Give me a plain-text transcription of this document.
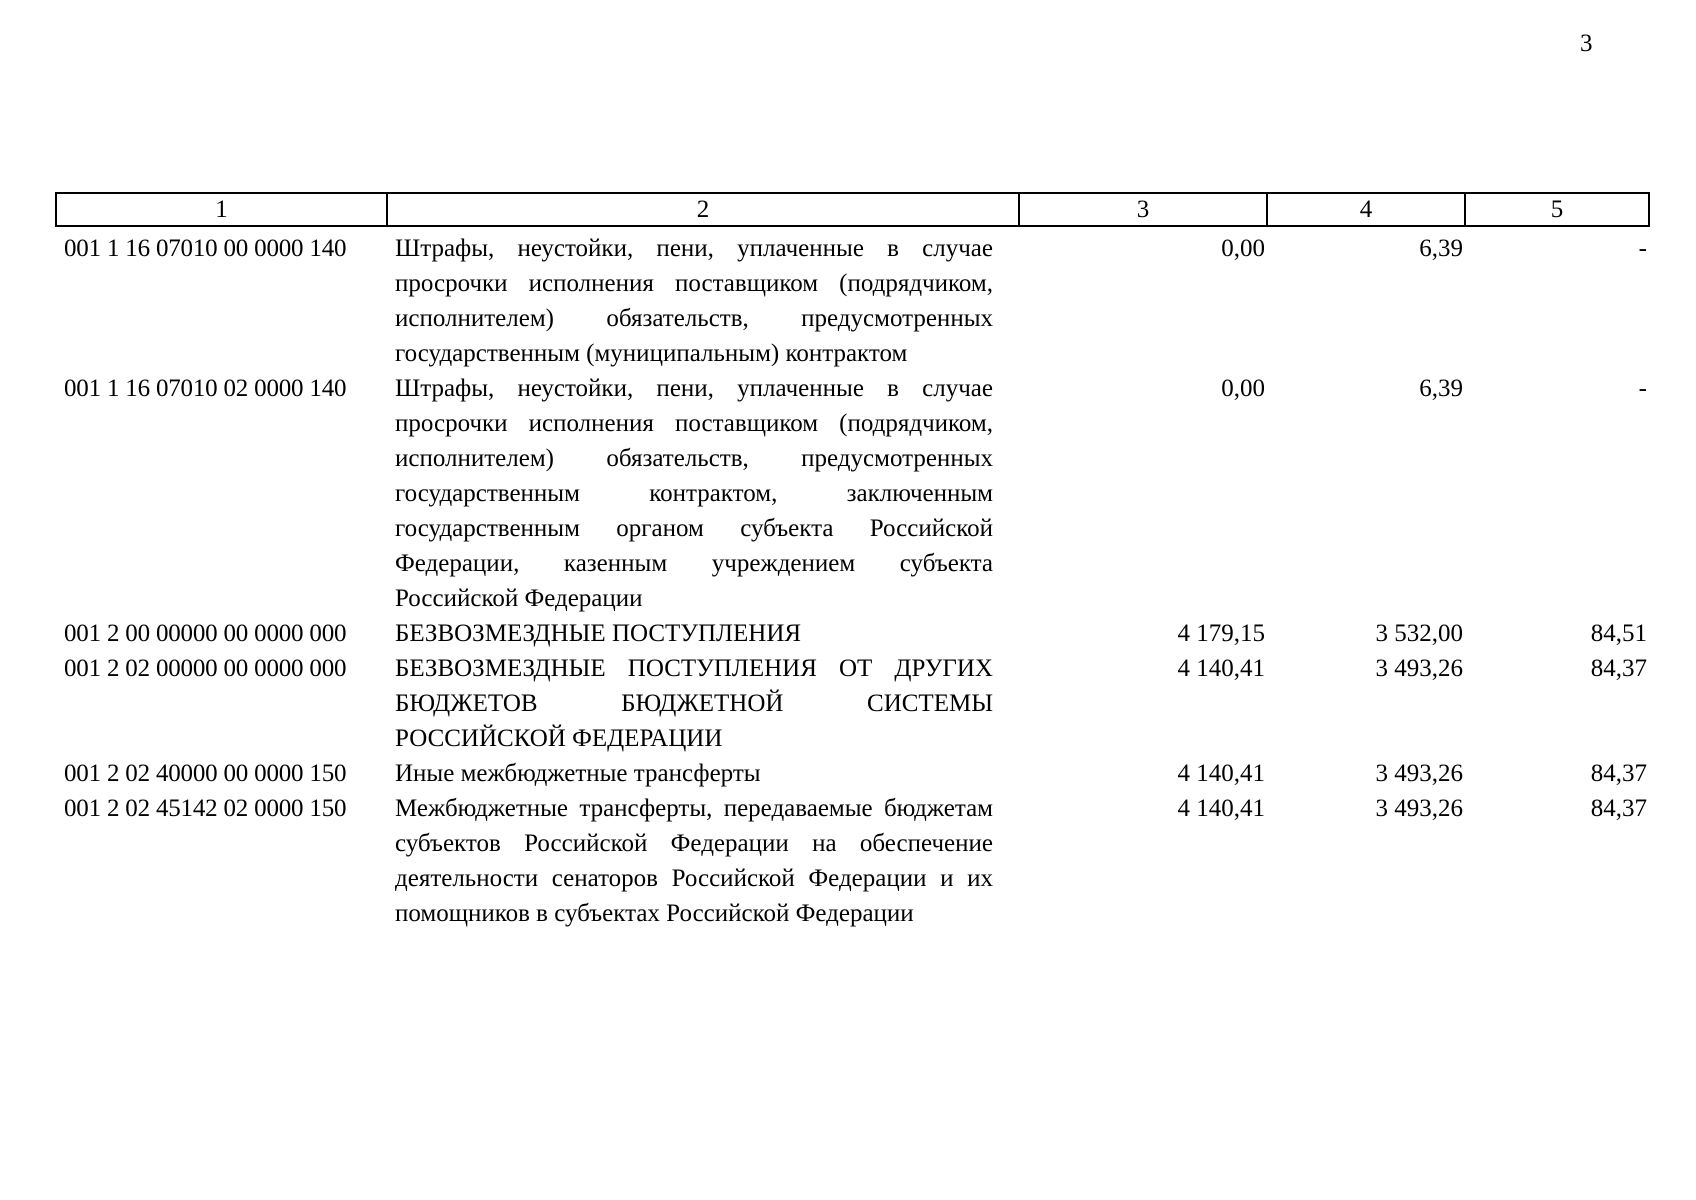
3
1	2	3	4	5
001 1 16 07010 00 0000 140	Штрафы, неустойки, пени, уплаченные в случае просрочки исполнения поставщиком (подрядчиком, исполнителем) обязательств, предусмотренных государственным (муниципальным) контрактом	0,00	6,39	-
001 1 16 07010 02 0000 140	Штрафы, неустойки, пени, уплаченные в случае просрочки исполнения поставщиком (подрядчиком, исполнителем) обязательств, предусмотренных государственным контрактом, заключенным государственным органом субъекта Российской Федерации, казенным учреждением субъекта Российской Федерации	0,00	6,39	-
001 2 00 00000 00 0000 000	БЕЗВОЗМЕЗДНЫЕ ПОСТУПЛЕНИЯ	4 179,15	3 532,00	84,51
001 2 02 00000 00 0000 000	БЕЗВОЗМЕЗДНЫЕ ПОСТУПЛЕНИЯ ОТ ДРУГИХ БЮДЖЕТОВ БЮДЖЕТНОЙ СИСТЕМЫ РОССИЙСКОЙ ФЕДЕРАЦИИ	4 140,41	3 493,26	84,37
001 2 02 40000 00 0000 150	Иные межбюджетные трансферты	4 140,41	3 493,26	84,37
001 2 02 45142 02 0000 150	Межбюджетные трансферты, передаваемые бюджетам субъектов Российской Федерации на обеспечение деятельности сенаторов Российской Федерации и их помощников в субъектах Российской Федерации	4 140,41	3 493,26	84,37
